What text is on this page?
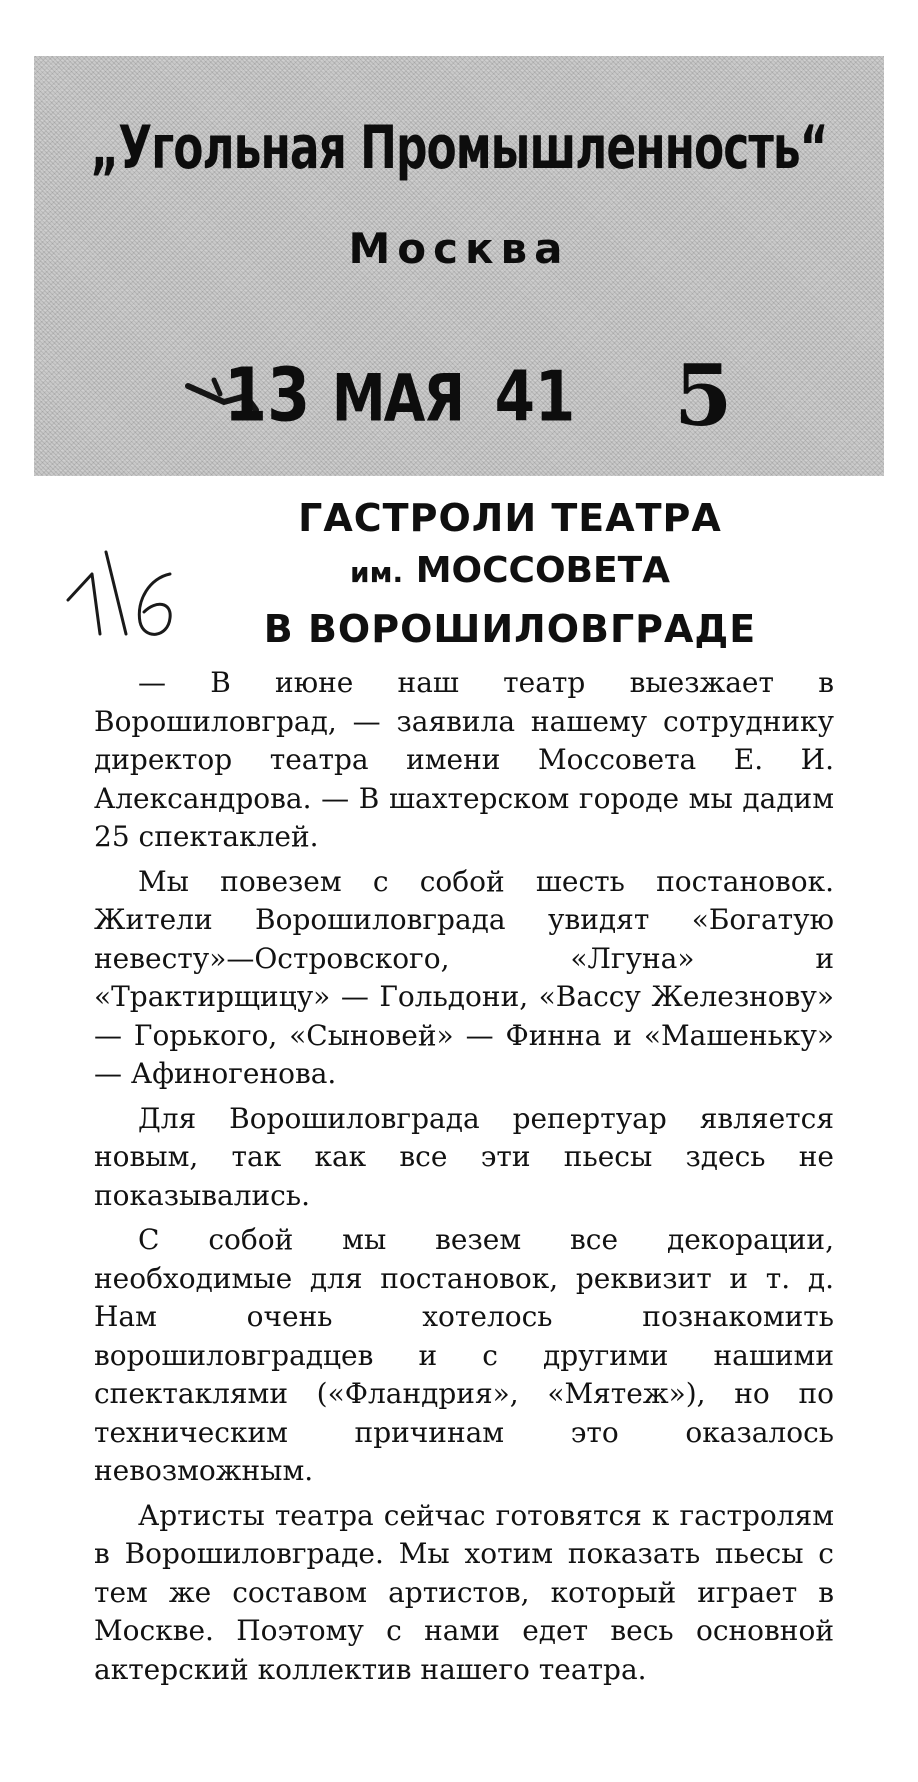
„Угольная Промышленность“
Москва
13 МАЯ 41 5
ГАСТРОЛИ ТЕАТРА
им. МОССОВЕТА
В ВОРОШИЛОВГРАДЕ

— В июне наш театр выезжает в Ворошиловград, — заявила нашему сотруднику директор театра имени Моссовета Е. И. Александрова. — В шахтерском городе мы дадим 25 спектаклей.

Мы повезем с собой шесть постановок. Жители Ворошиловграда увидят «Богатую невесту»—Островского, «Лгуна» и «Трактирщицу» — Гольдони, «Вассу Железнову» — Горького, «Сыновей» — Финна и «Машеньку» — Афиногенова.

Для Ворошиловграда репертуар является новым, так как все эти пьесы здесь не показывались.

С собой мы везем все декорации, необходимые для постановок, реквизит и т. д. Нам очень хотелось познакомить ворошиловградцев и с другими нашими спектаклями («Фландрия», «Мятеж»), но по техническим причинам это оказалось невозможным.

Артисты театра сейчас готовятся к гастролям в Ворошиловграде. Мы хотим показать пьесы с тем же составом артистов, который играет в Москве. Поэтому с нами едет весь основной актерский коллектив нашего театра.
